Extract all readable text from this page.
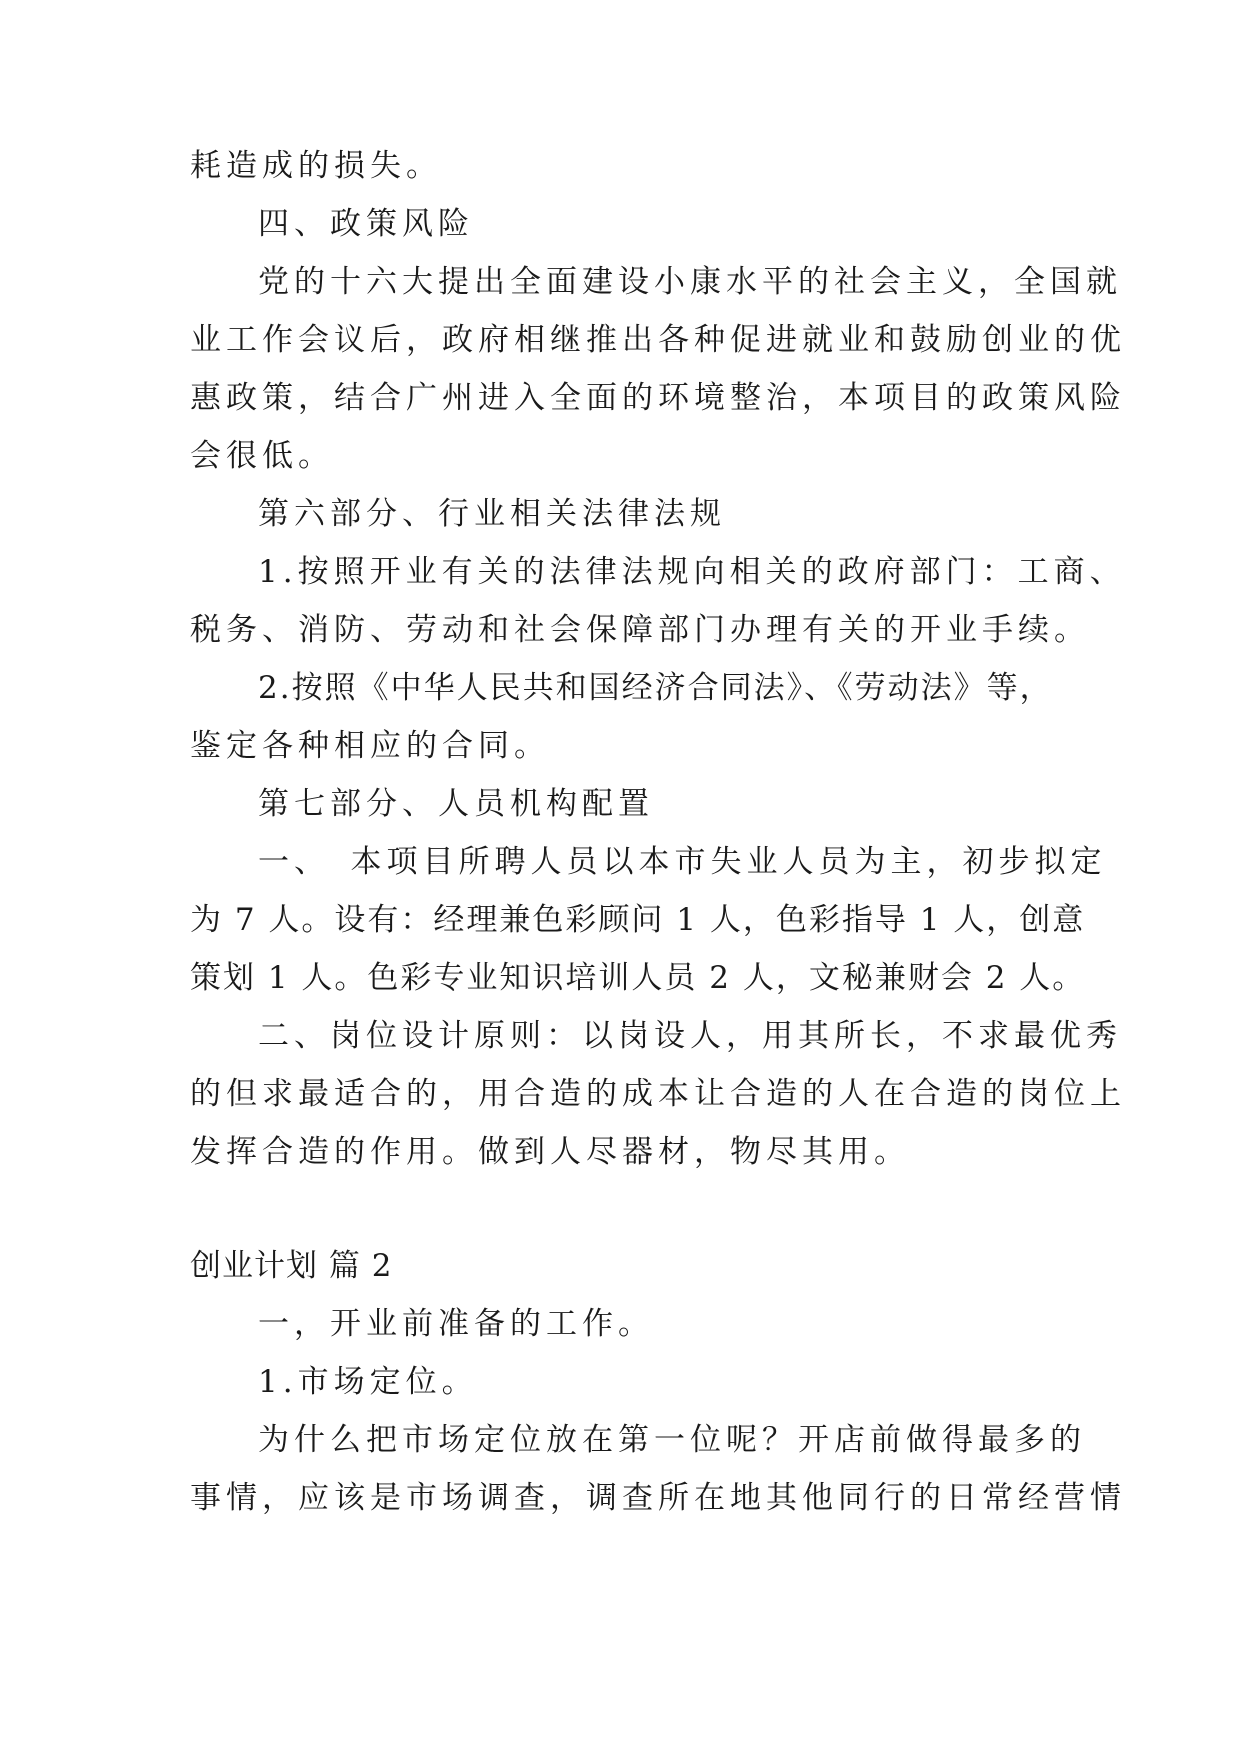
耗造成的损失。
四、政策风险
党的十六大提出全面建设小康水平的社会主义，全国就
业工作会议后，政府相继推出各种促进就业和鼓励创业的优
惠政策，结合广州进入全面的环境整治，本项目的政策风险
会很低。
第六部分、行业相关法律法规
1.按照开业有关的法律法规向相关的政府部门：工商、
税务、消防、劳动和社会保障部门办理有关的开业手续。
2.按照《中华人民共和国经济合同法》、《劳动法》等，
鉴定各种相应的合同。
第七部分、人员机构配置
一、　本项目所聘人员以本市失业人员为主，初步拟定
为 7 人。设有：经理兼色彩顾问 1 人，色彩指导 1 人，创意
策划 1 人。色彩专业知识培训人员 2 人，文秘兼财会 2 人。
二、岗位设计原则：以岗设人，用其所长，不求最优秀
的但求最适合的，用合造的成本让合造的人在合造的岗位上
发挥合造的作用。做到人尽器材，物尽其用。
创业计划 篇 2
一，开业前准备的工作。
1.市场定位。
为什么把市场定位放在第一位呢？开店前做得最多的
事情，应该是市场调查，调查所在地其他同行的日常经营情
